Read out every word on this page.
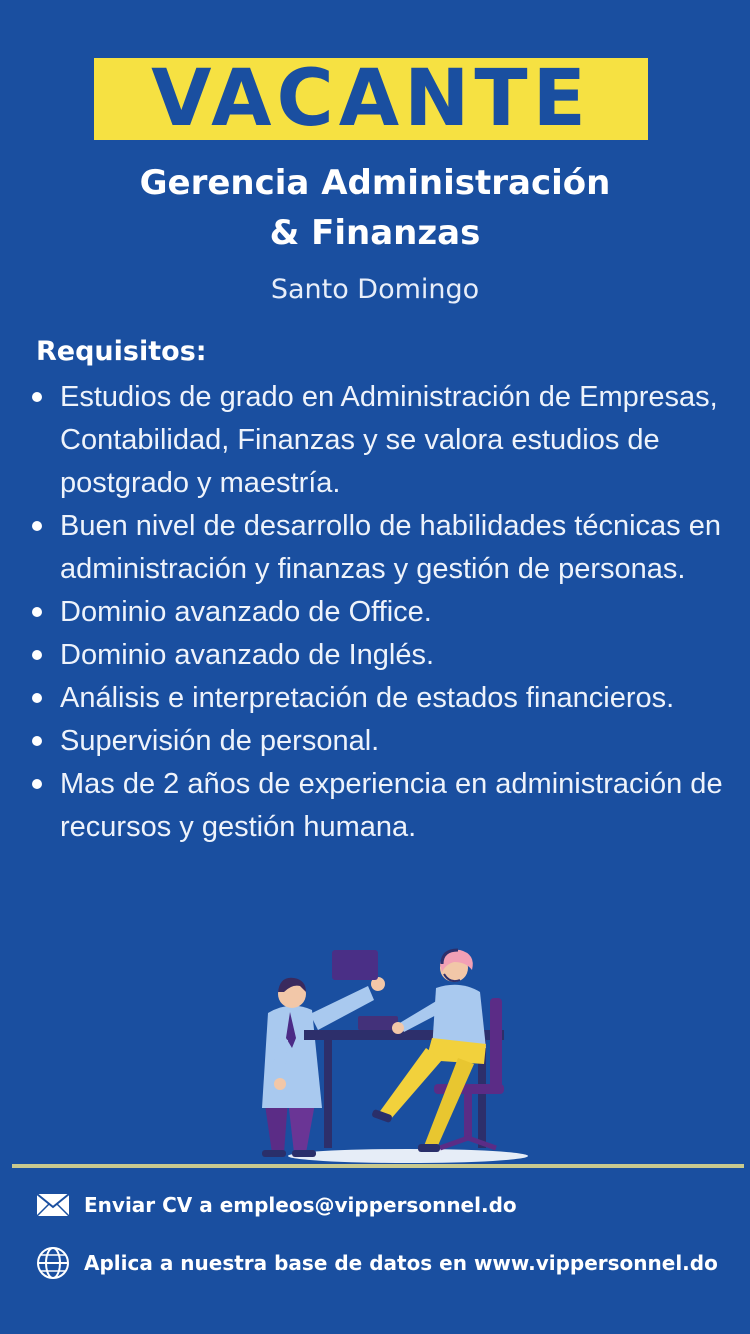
VACANTE
Gerencia Administración
& Finanzas
Santo Domingo
Requisitos:
Estudios de grado en Administración de Empresas, Contabilidad, Finanzas y se valora estudios de postgrado y maestría.
Buen nivel de desarrollo de habilidades técnicas en administración y finanzas y gestión de personas.
Dominio avanzado de Office.
Dominio avanzado de Inglés.
Análisis e interpretación de estados financieros.
Supervisión de personal.
Mas de 2 años de experiencia en administración de recursos y gestión humana.
Enviar CV a empleos@vippersonnel.do
Aplica a nuestra base de datos en www.vippersonnel.do
